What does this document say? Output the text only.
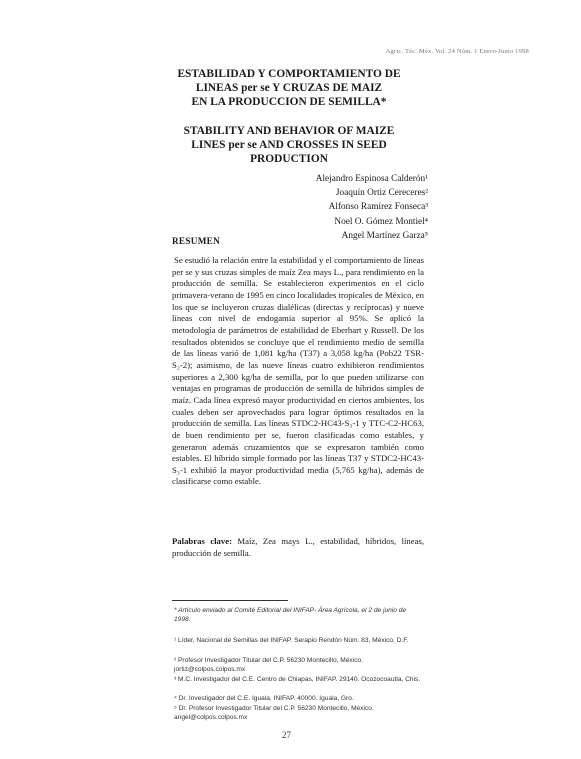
Agric. Téc. Méx. Vol. 24 Núm. 1 Enero-Junio 1998
ESTABILIDAD Y COMPORTAMIENTO DE
LINEAS per se Y CRUZAS DE MAIZ
EN LA PRODUCCION DE SEMILLA*
STABILITY AND BEHAVIOR OF MAIZE
LINES per se AND CROSSES IN SEED
PRODUCTION
Alejandro Espinosa Calderón¹
Joaquín Ortiz Cereceres²
Alfonso Ramírez Fonseca³
Noel O. Gómez Montiel⁴
Angel Martínez Garza⁵
RESUMEN
Se estudió la relación entre la estabilidad y el comportamiento de líneas per se y sus cruzas simples de maíz Zea mays L., para rendimiento en la producción de semilla. Se establecieron experimentos en el ciclo primavera-verano de 1995 en cinco localidades tropicales de México, en los que se incluyeron cruzas dialélicas (directas y recíprocas) y nueve líneas con nivel de endogamia superior al 95%. Se aplicó la metodología de parámetros de estabilidad de Eberhart y Russell. De los resultados obtenidos se concluye que el rendimiento medio de semilla de las líneas varió de 1,081 kg/ha (T37) a 3,058 kg/ha (Pob22 TSR-S₂-2); asimismo, de las nueve líneas cuatro exhibieron rendimientos superiores a 2,300 kg/ha de semilla, por lo que pueden utilizarse con ventajas en programas de producción de semilla de híbridos simples de maíz. Cada línea expresó mayor productividad en ciertos ambientes, los cuales deben ser aprovechados para lograr óptimos resultados en la producción de semilla. Las líneas STDC2-HC43-S₃-1 y TTC-C2-HC63, de buen rendimiento per se, fueron clasificadas como estables, y generaron además cruzamientos que se expresaron también como estables. El híbrido simple formado por las líneas T37 y STDC2-HC43-S₃-1 exhibió la mayor productividad media (5,765 kg/ha), además de clasificarse como estable.
Palabras clave: Maíz, Zea mays L., estabilidad, híbridos, líneas, producción de semilla.
* Artículo enviado al Comité Editorial del INIFAP- Área Agrícola, el 2 de junio de 1998.
¹ Líder, Nacional de Semillas del INIFAP. Serapio Rendón Núm. 83, México, D.F.
² Profesor Investigador Titular del C.P. 56230 Montecillo, México. jortiz@colpos.colpos.mx
³ M.C. Investigador del C.E. Centro de Chiapas, INIFAP. 29140. Ocozocoautla, Chis.
⁴ Dr. Investigador del C.E. Iguala, INIFAP. 40000. Iguala, Gro.
⁵ Dr. Profesor Investigador Titular del C.P. 56230 Montecillo, México. angel@colpos.colpos.mx
27
